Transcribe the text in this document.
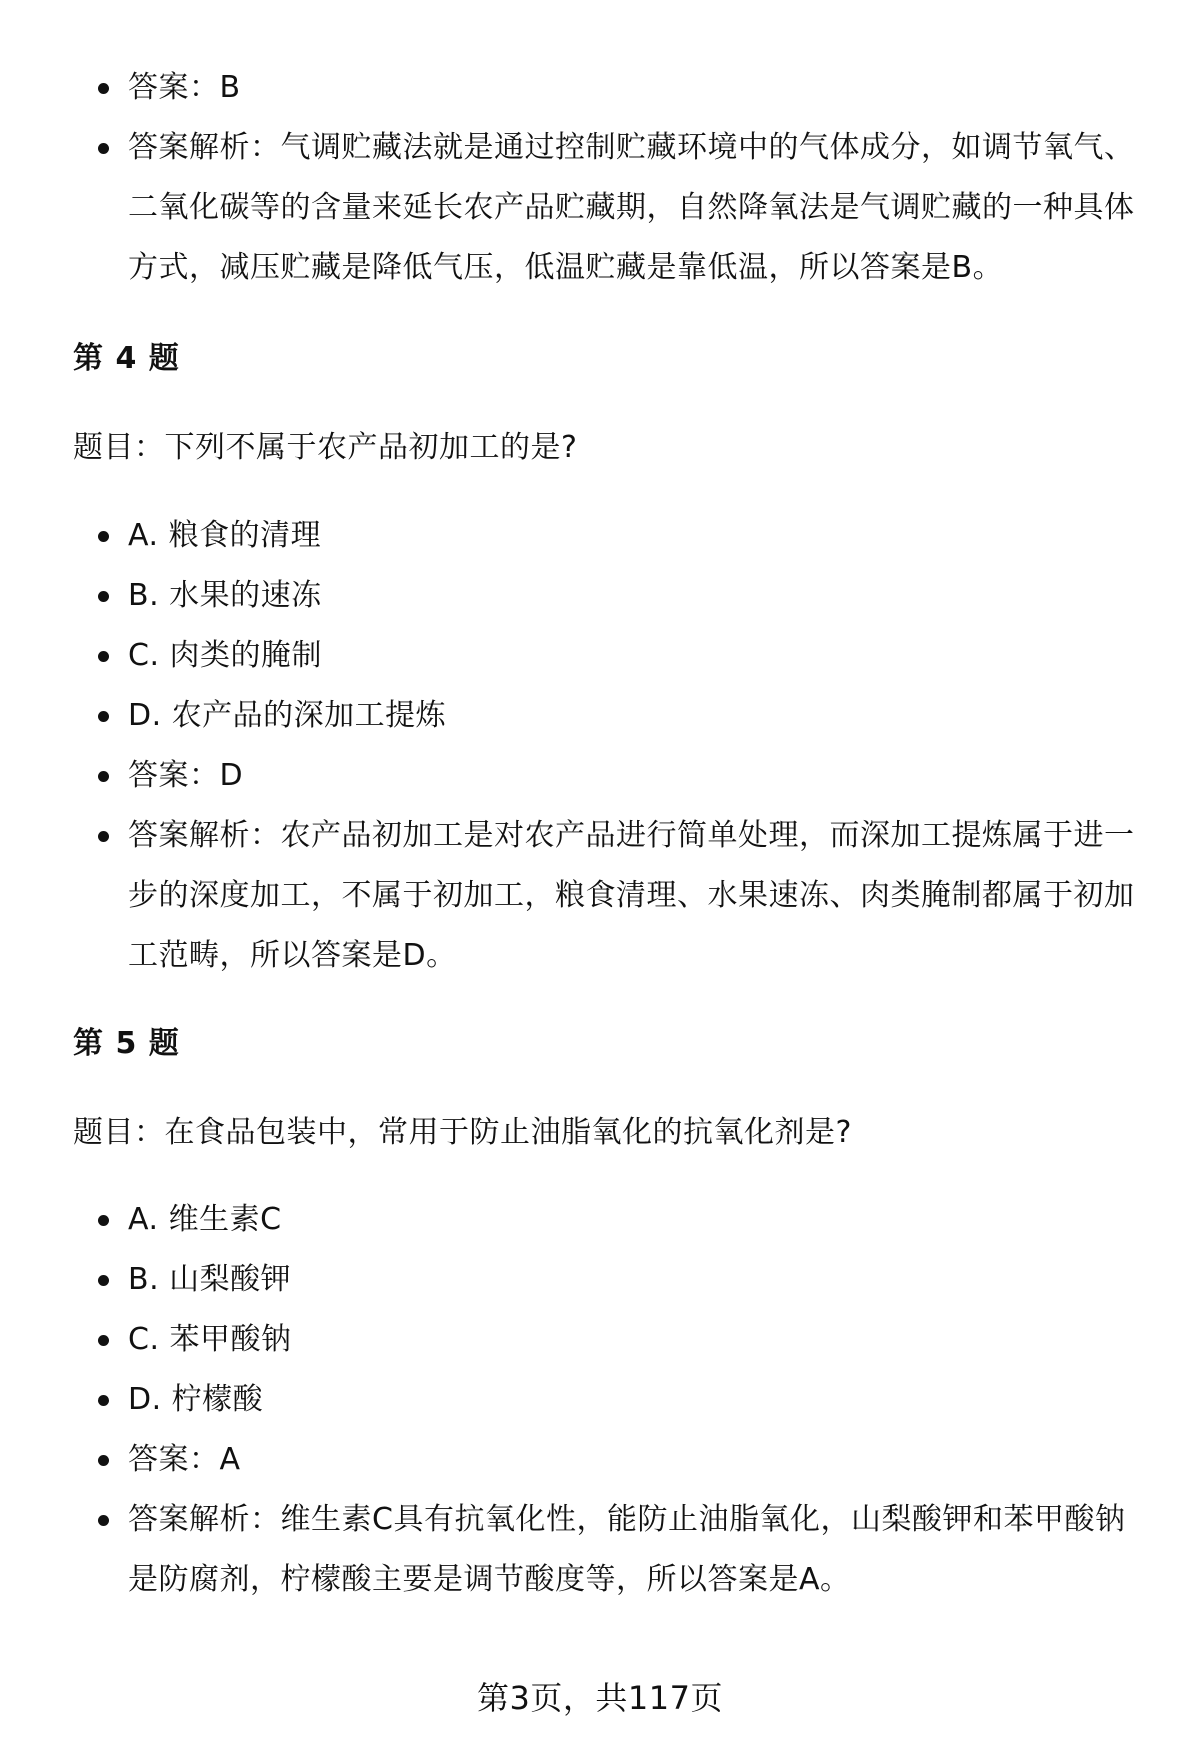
答案：B
答案解析：气调贮藏法就是通过控制贮藏环境中的气体成分，如调节氧气、二氧化碳等的含量来延长农产品贮藏期，自然降氧法是气调贮藏的一种具体方式，减压贮藏是降低气压，低温贮藏是靠低温，所以答案是B。
第 4 题
题目：下列不属于农产品初加工的是?
A. 粮食的清理
B. 水果的速冻
C. 肉类的腌制
D. 农产品的深加工提炼
答案：D
答案解析：农产品初加工是对农产品进行简单处理，而深加工提炼属于进一步的深度加工，不属于初加工，粮食清理、水果速冻、肉类腌制都属于初加工范畴，所以答案是D。
第 5 题
题目：在食品包装中，常用于防止油脂氧化的抗氧化剂是?
A. 维生素C
B. 山梨酸钾
C. 苯甲酸钠
D. 柠檬酸
答案：A
答案解析：维生素C具有抗氧化性，能防止油脂氧化，山梨酸钾和苯甲酸钠是防腐剂，柠檬酸主要是调节酸度等，所以答案是A。
第3页，共117页
